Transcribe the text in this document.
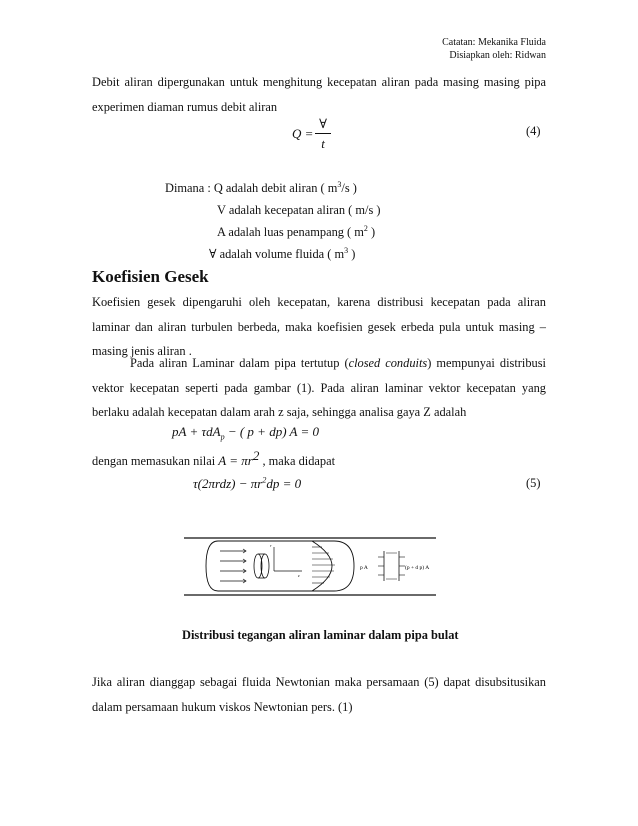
Catatan: Mekanika Fluida
Disiapkan oleh: Ridwan
Debit aliran dipergunakan untuk menghitung kecepatan aliran pada masing masing pipa experimen diaman rumus debit aliran
Q =
∀
t
(4)
Dimana : Q adalah debit aliran ( $m^3/s$ )
V adalah kecepatan aliran ( m/s )
A adalah luas penampang ( $m^2$ )
∀ adalah volume fluida ( $m^3$ )
Koefisien Gesek
Koefisien gesek dipengaruhi oleh kecepatan, karena distribusi kecepatan pada aliran laminar dan aliran turbulen berbeda, maka koefisien gesek erbeda pula untuk masing – masing jenis aliran .
Pada aliran Laminar dalam pipa tertutup (closed conduits) mempunyai distribusi vektor kecepatan seperti pada gambar (1). Pada aliran laminar vektor kecepatan yang berlaku adalah kecepatan dalam arah z saja, sehingga analisa gaya Z adalah
pA + τdA$_p$ − ( p + dp) A = 0
dengan memasukan nilai $A = \pi r^2$ , maka didapat
$\tau(2\pi rdz) - \pi r^2dp = 0$	(5)
p A	(p + d p) A
r
z
Distribusi tegangan aliran laminar dalam pipa bulat
Jika aliran dianggap sebagai fluida Newtonian maka persamaan (5) dapat disubsitusikan dalam persamaan hukum viskos Newtonian pers. (1)
